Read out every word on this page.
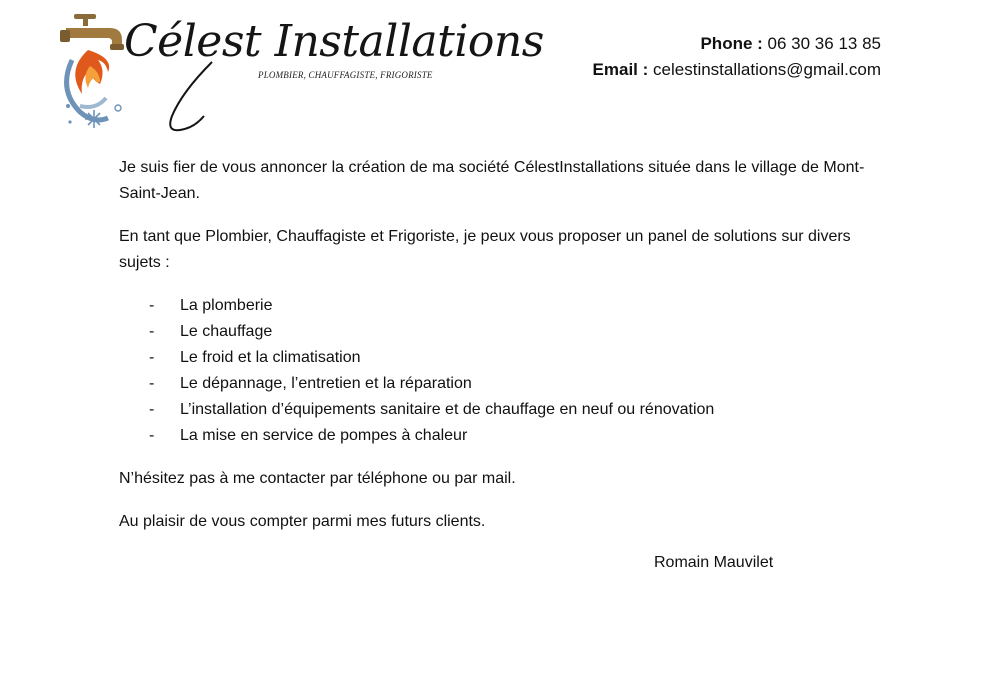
Célest Installations
PLOMBIER, CHAUFFAGISTE, FRIGORISTE
Phone : 06 30 36 13 85
Email : celestinstallations@gmail.com

Je suis fier de vous annoncer la création de ma société CélestInstallations située dans le village de Mont-Saint-Jean.

En tant que Plombier, Chauffagiste et Frigoriste, je peux vous proposer un panel de solutions sur divers sujets :

- La plomberie
- Le chauffage
- Le froid et la climatisation
- Le dépannage, l’entretien et la réparation
- L’installation d’équipements sanitaire et de chauffage en neuf ou rénovation
- La mise en service de pompes à chaleur

N’hésitez pas à me contacter par téléphone ou par mail.

Au plaisir de vous compter parmi mes futurs clients.

Romain Mauvilet
